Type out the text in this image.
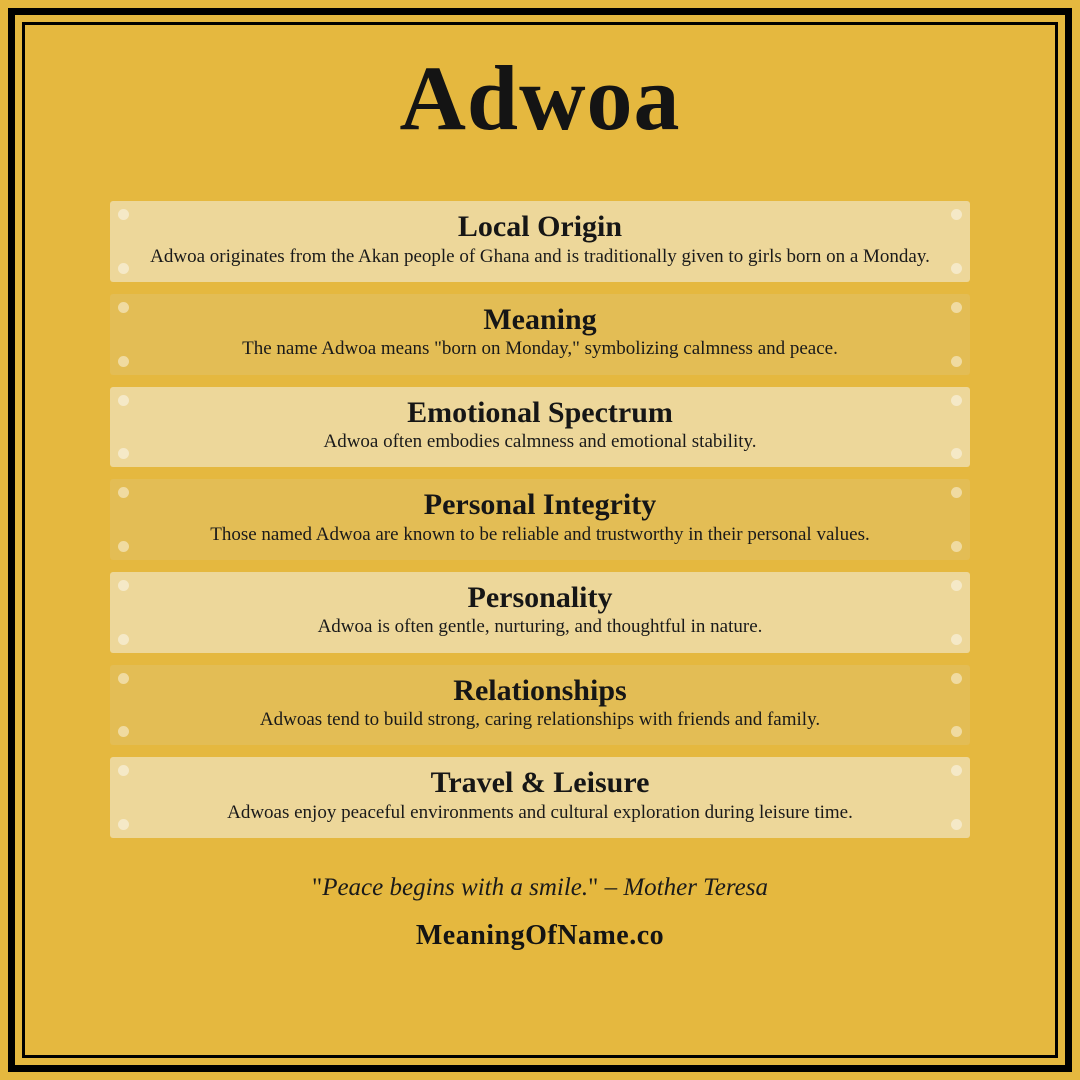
Adwoa
Local Origin

Adwoa originates from the Akan people of Ghana and is traditionally given to girls born on a Monday.

Meaning

The name Adwoa means "born on Monday," symbolizing calmness and peace.

Emotional Spectrum

Adwoa often embodies calmness and emotional stability.

Personal Integrity

Those named Adwoa are known to be reliable and trustworthy in their personal values.

Personality

Adwoa is often gentle, nurturing, and thoughtful in nature.

Relationships

Adwoas tend to build strong, caring relationships with friends and family.

Travel & Leisure

Adwoas enjoy peaceful environments and cultural exploration during leisure time.

"Peace begins with a smile." – Mother Teresa

MeaningOfName.co
